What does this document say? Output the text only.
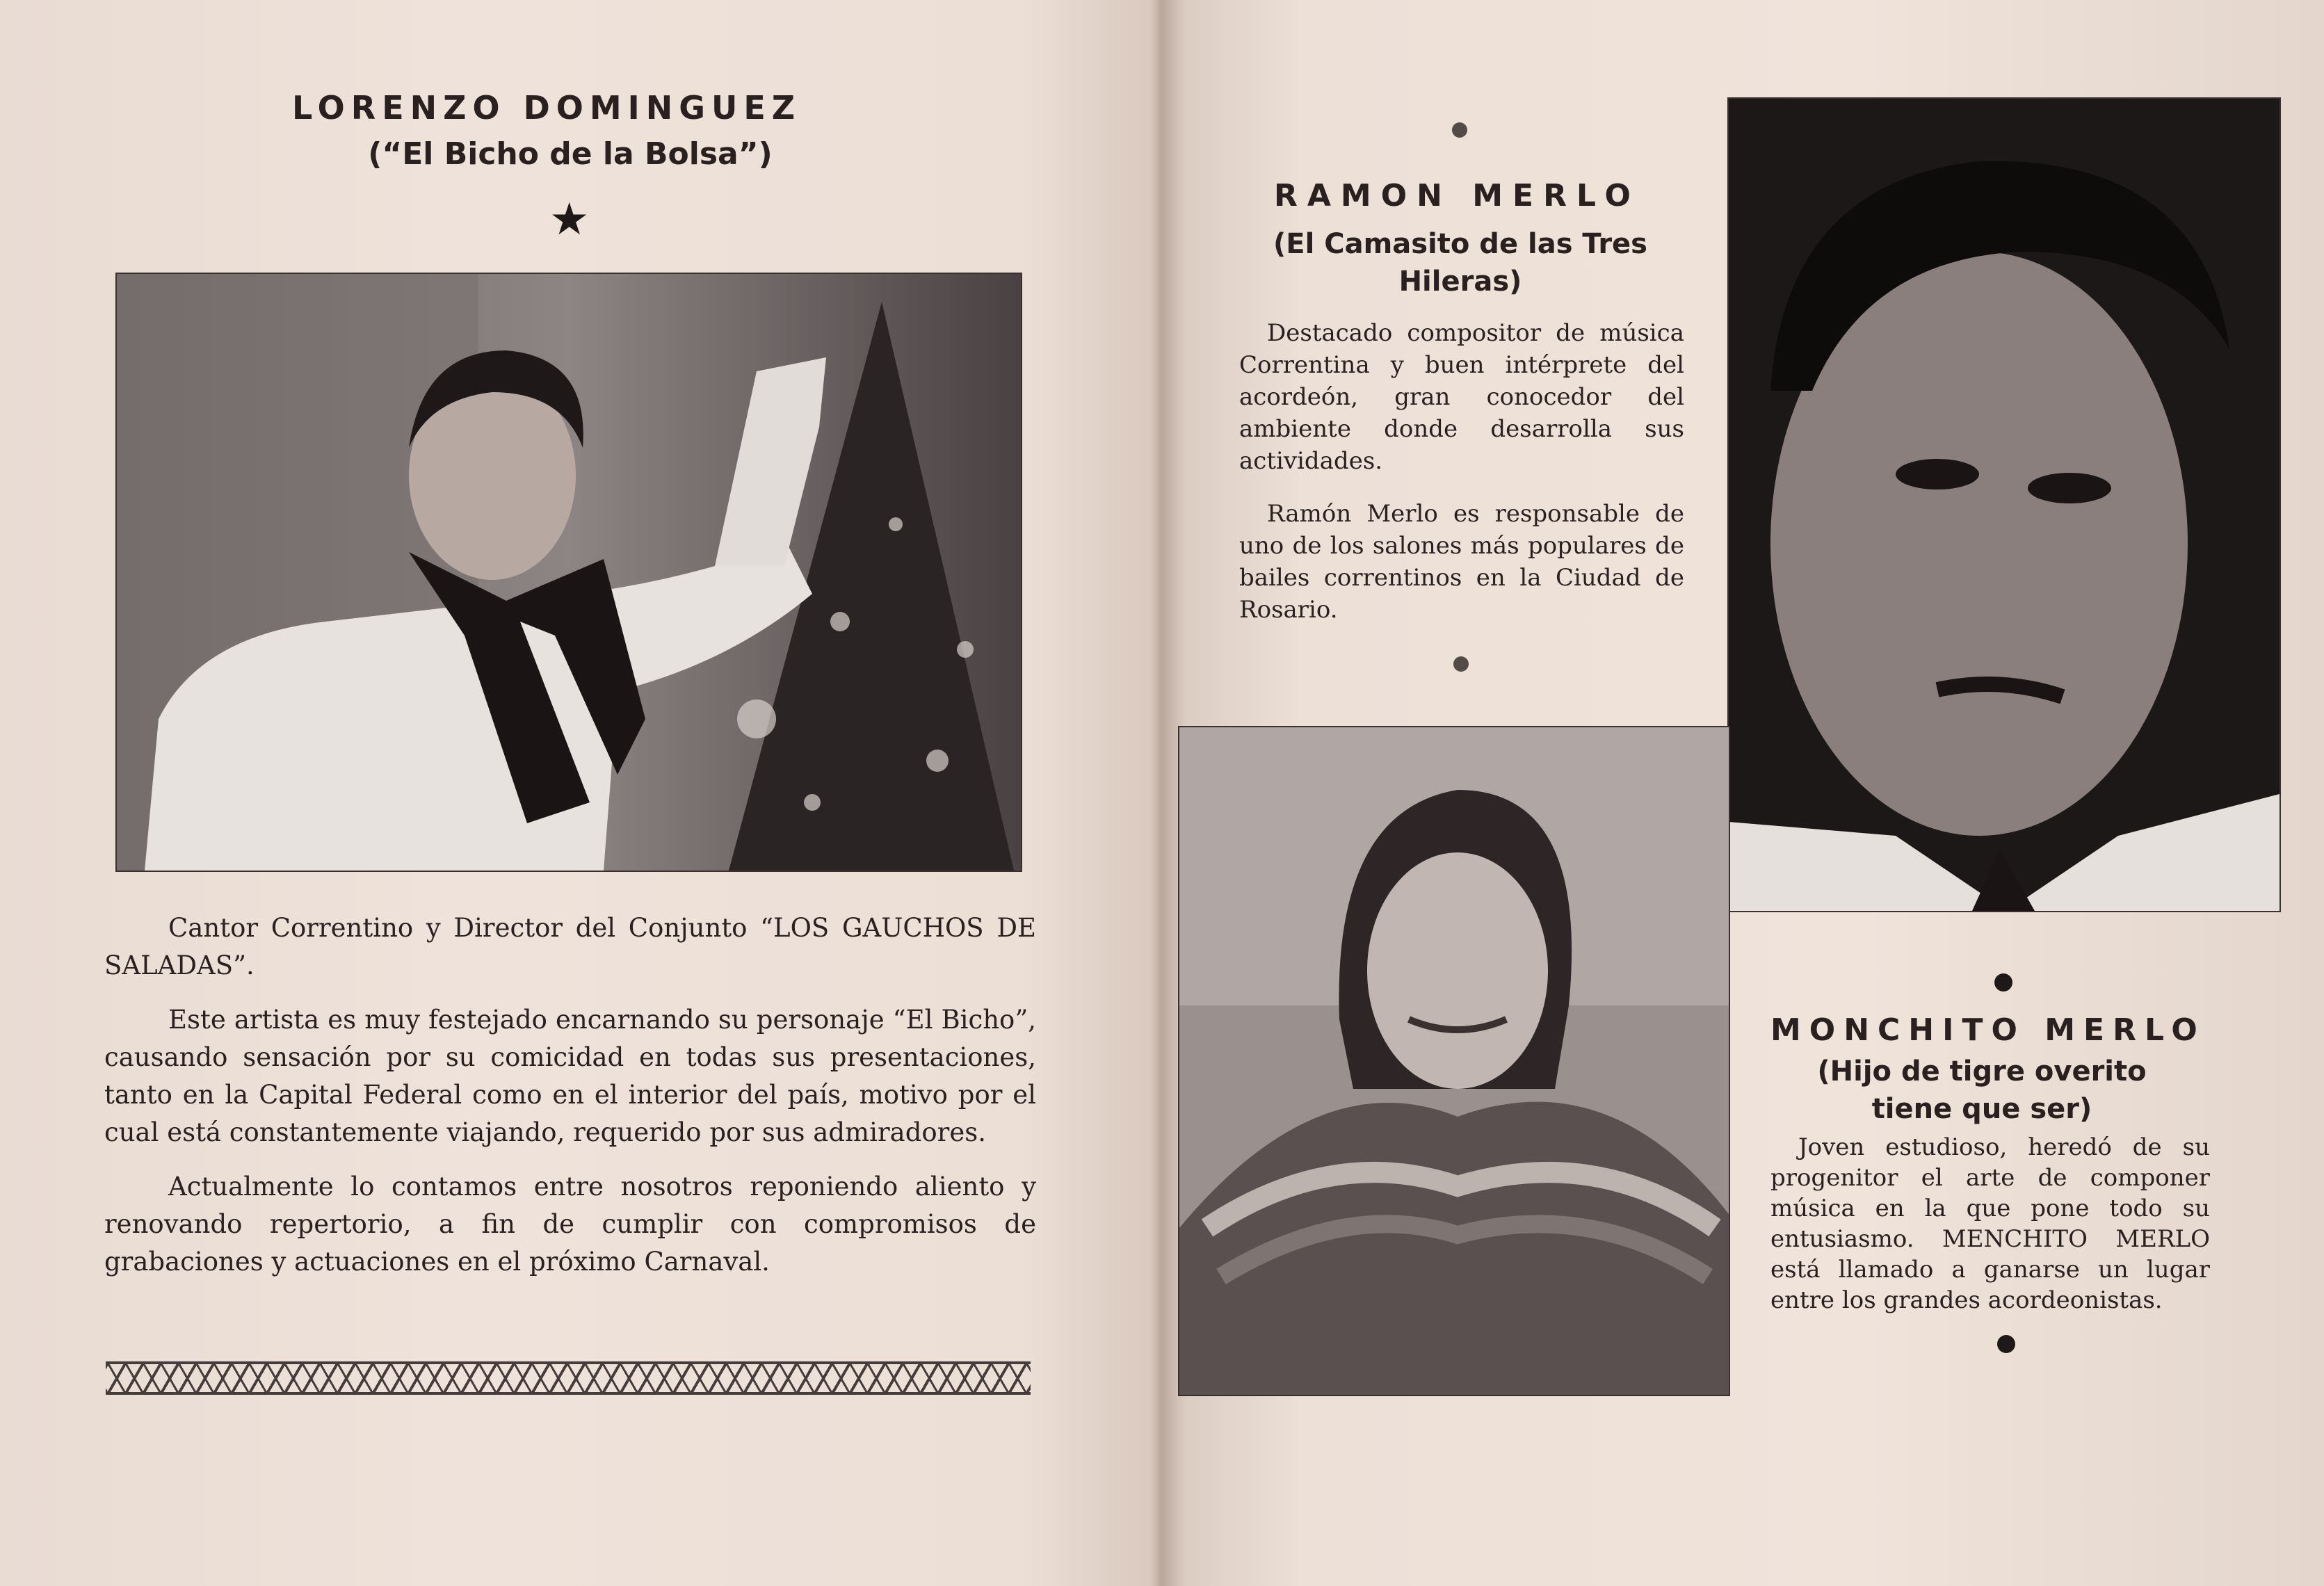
LORENZO DOMINGUEZ
(“El Bicho de la Bolsa”)
★

Cantor Correntino y Director del Conjunto “LOS GAUCHOS DE SALADAS”.

Este artista es muy festejado encarnando su personaje “El Bicho”, causando sensación por su comicidad en todas sus presentaciones, tanto en la Capital Federal como en el interior del país, motivo por el cual está constantemente viajando, requerido por sus admiradores.

Actualmente lo contamos entre nosotros reponiendo aliento y renovando repertorio, a fin de cumplir con compromisos de grabaciones y actuaciones en el próximo Carnaval.

RAMON MERLO
(El Camasito de las Tres Hileras)

Destacado compositor de música Correntina y buen intérprete del acordeón, gran conocedor del ambiente donde desarrolla sus actividades.

Ramón Merlo es responsable de uno de los salones más populares de bailes correntinos en la Ciudad de Rosario.

MONCHITO MERLO
(Hijo de tigre overito tiene que ser)

Joven estudioso, heredó de su progenitor el arte de componer música en la que pone todo su entusiasmo. MENCHITO MERLO está llamado a ganarse un lugar entre los grandes acordeonistas.
